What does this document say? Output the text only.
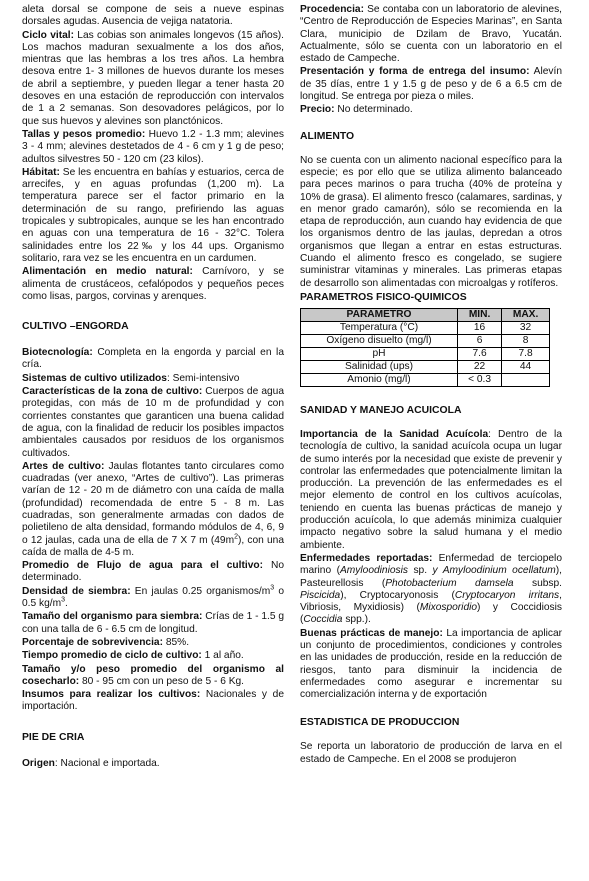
aleta dorsal se compone de seis a nueve espinas dorsales agudas. Ausencia de vejiga natatoria.

Ciclo vital: Las cobias son animales longevos (15 años). Los machos maduran sexualmente a los dos años, mientras que las hembras a los tres años. La hembra desova entre 1- 3 millones de huevos durante los meses de abril a septiembre, y pueden llegar a tener hasta 20 desoves en una estación de reproducción con intervalos de 1 a 2 semanas. Son desovadores pelágicos, por lo que sus huevos y alevines son planctónicos.

Tallas y pesos promedio: Huevo 1.2 - 1.3 mm; alevines 3 - 4 mm; alevines destetados de 4 - 6 cm y 1 g de peso; adultos silvestres 50 - 120 cm (23 kilos).

Hábitat: Se les encuentra en bahías y estuarios, cerca de arrecifes, y en aguas profundas (1,200 m). La temperatura parece ser el factor primario en la determinación de su rango, prefiriendo las aguas tropicales y subtropicales, aunque se les han encontrado en aguas con una temperatura de 16 - 32°C. Tolera salinidades entre los 22‰ y los 44 ups. Organismo solitario, rara vez se les encuentra en un cardumen.

Alimentación en medio natural: Carnívoro, y se alimenta de crustáceos, cefalópodos y pequeños peces como lisas, pargos, corvinas y arenques.

CULTIVO –ENGORDA

Biotecnología: Completa en la engorda y parcial en la cría.

Sistemas de cultivo utilizados: Semi-intensivo

Características de la zona de cultivo: Cuerpos de agua protegidas, con más de 10 m de profundidad y con corrientes constantes que garanticen una buena calidad de agua, con la finalidad de reducir los posibles impactos ambientales causados por residuos de los organismos cultivados.

Artes de cultivo: Jaulas flotantes tanto circulares como cuadradas (ver anexo, “Artes de cultivo”). Las primeras varían de 12 - 20 m de diámetro con una caída de malla (profundidad) recomendada de entre 5 - 8 m. Las cuadradas, son generalmente armadas con dados de polietileno de alta densidad, formando módulos de 4, 6, 9 o 12 jaulas, cada una de ella de 7 X 7 m $(49m^2)$, con una caída de malla de 4-5 m.

Promedio de Flujo de agua para el cultivo: No determinado.

Densidad de siembra: En jaulas 0.25 organismos/$m^3$ o 0.5 $kg/m^3$.

Tamaño del organismo para siembra: Crías de 1 - 1.5 g con una talla de 6 - 6.5 cm de longitud.

Porcentaje de sobrevivencia: 85%.

Tiempo promedio de ciclo de cultivo: 1 al año.

Tamaño y/o peso promedio del organismo al cosecharlo: 80 - 95 cm con un peso de 5 - 6 Kg.

Insumos para realizar los cultivos: Nacionales y de importación.

PIE DE CRIA

Origen: Nacional e importada.

Procedencia: Se contaba con un laboratorio de alevines, “Centro de Reproducción de Especies Marinas”, en Santa Clara, municipio de Dzilam de Bravo, Yucatán. Actualmente, sólo se cuenta con un laboratorio en el estado de Campeche.

Presentación y forma de entrega del insumo: Alevín de 35 días, entre 1 y 1.5 g de peso y de 6 a 6.5 cm de longitud. Se entrega por pieza o miles.

Precio: No determinado.

ALIMENTO

No se cuenta con un alimento nacional específico para la especie; es por ello que se utiliza alimento balanceado para peces marinos o para trucha (40% de proteína y 10% de grasa). El alimento fresco (calamares, sardinas, y en menor grado camarón), sólo se recomienda en la etapa de reproducción, aun cuando hay evidencia de que los organismos dentro de las jaulas, depredan a otros organismos que llegan a entrar en estas estructuras. Cuando el alimento fresco es congelado, se sugiere suministrar vitaminas y minerales. Las primeras etapas de desarrollo son alimentadas con microalgas y rotíferos.

PARAMETROS FISICO-QUIMICOS
PARAMETRO	MIN.	MAX.
Temperatura (°C)	16	32
Oxígeno disuelto (mg/l)	6	8
pH	7.6	7.8
Salinidad (ups)	22	44
Amonio (mg/l)	< 0.3	
SANIDAD Y MANEJO ACUICOLA

Importancia de la Sanidad Acuícola: Dentro de la tecnología de cultivo, la sanidad acuícola ocupa un lugar de sumo interés por la necesidad que existe de prevenir y controlar las enfermedades que potencialmente limitan la producción. La prevención de las enfermedades es el mejor elemento de control en los cultivos acuícolas, teniendo en cuenta las buenas prácticas de manejo y producción acuícola, lo que además minimiza cualquier impacto negativo sobre la salud humana y el medio ambiente.

Enfermedades reportadas: Enfermedad de terciopelo marino (Amyloodiniosis sp. y Amyloodinium ocellatum), Pasteurellosis (Photobacterium damsela subsp. Piscicida), Cryptocaryonosis (Cryptocaryon irritans, Vibriosis, Myxidiosis) (Mixosporidio) y Coccidiosis (Coccidia spp.).

Buenas prácticas de manejo: La importancia de aplicar un conjunto de procedimientos, condiciones y controles en las unidades de producción, reside en la reducción de riesgos, tanto para disminuir la incidencia de enfermedades como asegurar e incrementar su comercialización interna y de exportación

ESTADISTICA DE PRODUCCION

Se reporta un laboratorio de producción de larva en el estado de Campeche. En el 2008 se produjeron
